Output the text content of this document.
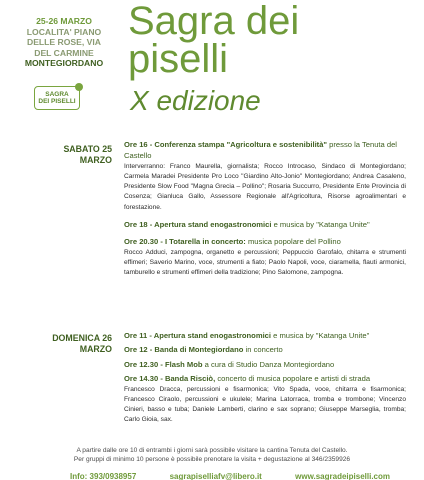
25-26 MARZO
LOCALITA' PIANO
DELLE ROSE, VIA
DEL CARMINE
MONTEGIORDANO
SAGRA
DEI PISELLI
Sagra dei
piselli
X edizione
SABATO 25
MARZO
Ore 16 - Conferenza stampa "Agricoltura e sostenibilità" presso la Tenuta del Castello
Interverranno: Franco Maurella, giornalista; Rocco Introcaso, Sindaco di Montegiordano; Carmela Maradei Presidente Pro Loco "Giardino Alto-Jonio" Montegiordano; Andrea Casaleno, Presidente Slow Food "Magna Grecia – Pollino"; Rosaria Succurro, Presidente Ente Provincia di Cosenza; Gianluca Gallo, Assessore Regionale all'Agricoltura, Risorse agroalimentari e forestazione.
Ore 18 - Apertura stand enogastronomici e musica by "Katanga Unite"
Ore 20.30 - I Totarella in concerto: musica popolare del Pollino
Rocco Adduci, zampogna, organetto e percussioni; Peppuccio Garofalo, chitarra e strumenti effimeri; Saverio Marino, voce, strumenti a fiato; Paolo Napoli, voce, ciaramella, flauti armonici, tamburello e strumenti effimeri della tradizione; Pino Salomone, zampogna.
DOMENICA 26
MARZO
Ore 11 - Apertura stand enogastronomici e musica by "Katanga Unite"
Ore 12 - Banda di Montegiordano in concerto
Ore 12.30 - Flash Mob a cura di Studio Danza Montegiordano
Ore 14.30 - Banda Risciò, concerto di musica popolare e artisti di strada
Francesco Dracca, percussioni e fisarmonica; Vito Spada, voce, chitarra e fisarmonica; Francesco Ciraolo, percussioni e ukulele; Marina Latorraca, tromba e trombone; Vincenzo Cinieri, basso e tuba; Daniele Lamberti, clarino e sax soprano; Giuseppe Marseglia, tromba; Carlo Gioia, sax.
A partire dalle ore 10 di entrambi i giorni sarà possibile visitare la cantina Tenuta del Castello.
Per gruppi di minimo 10 persone è possibile prenotare la visita + degustazione al 346/2359926
Info: 393/0938957	sagrapiselliafv@libero.it	www.sagradeipiselli.com
